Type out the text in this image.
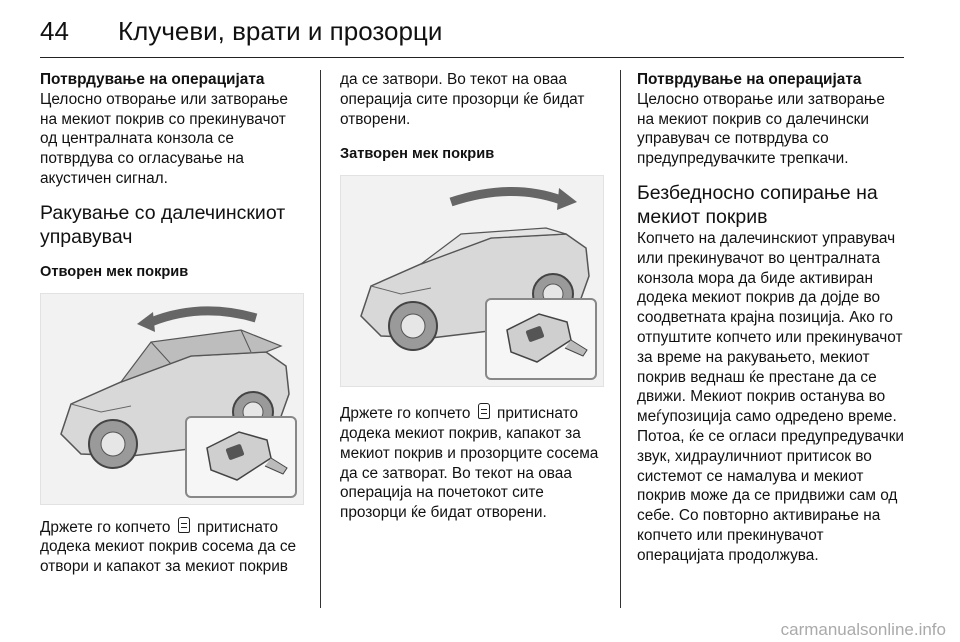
44 Клучеви, врати и прозорци

Потврдување на операцијата

Целосно отворање или затворање на мекиот покрив со прекинувачот од централната конзола се потврдува со огласување на акустичен сигнал.

Ракување со далечинскиот управувач

Отворен мек покрив

Држете го копчето притиснато додека мекиот покрив сосема да се отвори и капакот за мекиот покрив

да се затвори. Во текот на оваа операција сите прозорци ќе бидат отворени.

Затворен мек покрив

Држете го копчето притиснато додека мекиот покрив, капакот за мекиот покрив и прозорците сосема да се затворат. Во текот на оваа операција на почетокот сите прозорци ќе бидат отворени.

Потврдување на операцијата

Целосно отворање или затворање на мекиот покрив со далечински управувач се потврдува со предупредувачките трепкачи.

Безбедносно сопирање на мекиот покрив

Копчето на далечинскиот управувач или прекинувачот во централната конзола мора да биде активиран додека мекиот покрив да дојде во соодветната крајна позиција. Ако го отпуштите копчето или прекинувачот за време на ракувањето, мекиот покрив веднаш ќе престане да се движи. Мекиот покрив останува во меѓупозиција само одредено време. Потоа, ќе се огласи предупредувачки звук, хидрауличниот притисок во системот се намалува и мекиот покрив може да се придвижи сам од себе. Со повторно активирање на копчето или прекинувачот операцијата продолжува.

carmanualsonline.info
